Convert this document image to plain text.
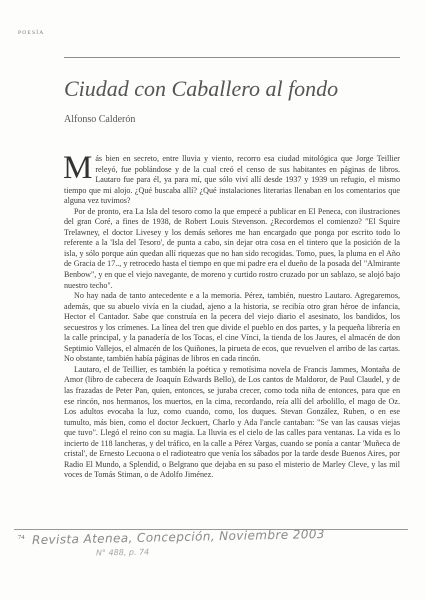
POESÍA
Ciudad con Caballero al fondo
Alfonso Calderón

Más bien en secreto, entre lluvia y viento, recorro esa ciudad mitológica que Jorge Teillier releyó, fue poblándose y de la cual creó el censo de sus habitantes en páginas de libros. Lautaro fue para él, ya para mí, que sólo viví allí desde 1937 y 1939 un refugio, el mismo tiempo que mi alojo. ¿Qué buscaba allí? ¿Qué instalaciones literarias llenaban en los comentarios que alguna vez tuvimos?

Por de pronto, era La Isla del tesoro como la que empecé a publicar en El Peneca, con ilustraciones del gran Coré, a fines de 1938, de Robert Louis Stevenson. ¿Recordemos el comienzo? "El Squire Trelawney, el doctor Livesey y los demás señores me han encargado que ponga por escrito todo lo referente a la 'Isla del Tesoro', de punta a cabo, sin dejar otra cosa en el tintero que la posición de la isla, y sólo porque aún quedan allí riquezas que no han sido recogidas. Tomo, pues, la pluma en el Año de Gracia de 17.., y retrocedo hasta el tiempo en que mi padre era el dueño de la posada del "Almirante Benbow", y en que el viejo navegante, de moreno y curtido rostro cruzado por un sablazo, se alojó bajo nuestro techo".

No hay nada de tanto antecedente e a la memoria. Pérez, también, nuestro Lautaro. Agregaremos, además, que su abuelo vivía en la ciudad, ajeno a la historia, se recibía otro gran héroe de infancia, Hector el Cantador. Sabe que construía en la pecera del viejo diario el asesinato, los bandidos, los secuestros y los crímenes. La línea del tren que divide el pueblo en dos partes, y la pequeña librería en la calle principal, y la panadería de los Tocas, el cine Vínci, la tienda de los Jaures, el almacén de don Septimio Vallejos, el almacén de los Quiñones, la pirueta de ecos, que revuelven el arribo de las cartas. No obstante, también había páginas de libros en cada rincón.

Lautaro, el de Teillier, es también la poética y remotísima novela de Francis Jammes, Montaña de Amor (libro de cabecera de Joaquín Edwards Bello), de Los cantos de Maldoror, de Paul Claudel, y de las frazadas de Peter Pan, quien, entonces, se juraba crecer, como toda niña de entonces, para que en ese rincón, nos hermanos, los muertos, en la cima, recordando, reía allí del arbolillo, el mago de Oz. Los adultos evocaba la luz, como cuando, como, los duques. Stevan González, Ruben, o en ese tumulto, más bien, como el doctor Jeckuert, Charlo y Ada l'ancle cantaban: "Se van las causas viejas que tuvo". Llegó el reino con su magia. La lluvia es el cielo de las calles para ventanas. La vida es lo incierto de 118 lancheras, y del tráfico, en la calle a Pérez Vargas, cuando se ponía a cantar 'Muñeca de cristal', de Ernesto Lecuona o el radioteatro que venía los sábados por la tarde desde Buenos Aires, por Radio El Mundo, a Splendid, o Belgrano que dejaba en su paso el misterio de Marley Cleve, y las mil voces de Tomás Stiman, o de Adolfo Jiménez.

74 Revista Atenea, Concepción, Noviembre 2003
N° 488, p. 74
